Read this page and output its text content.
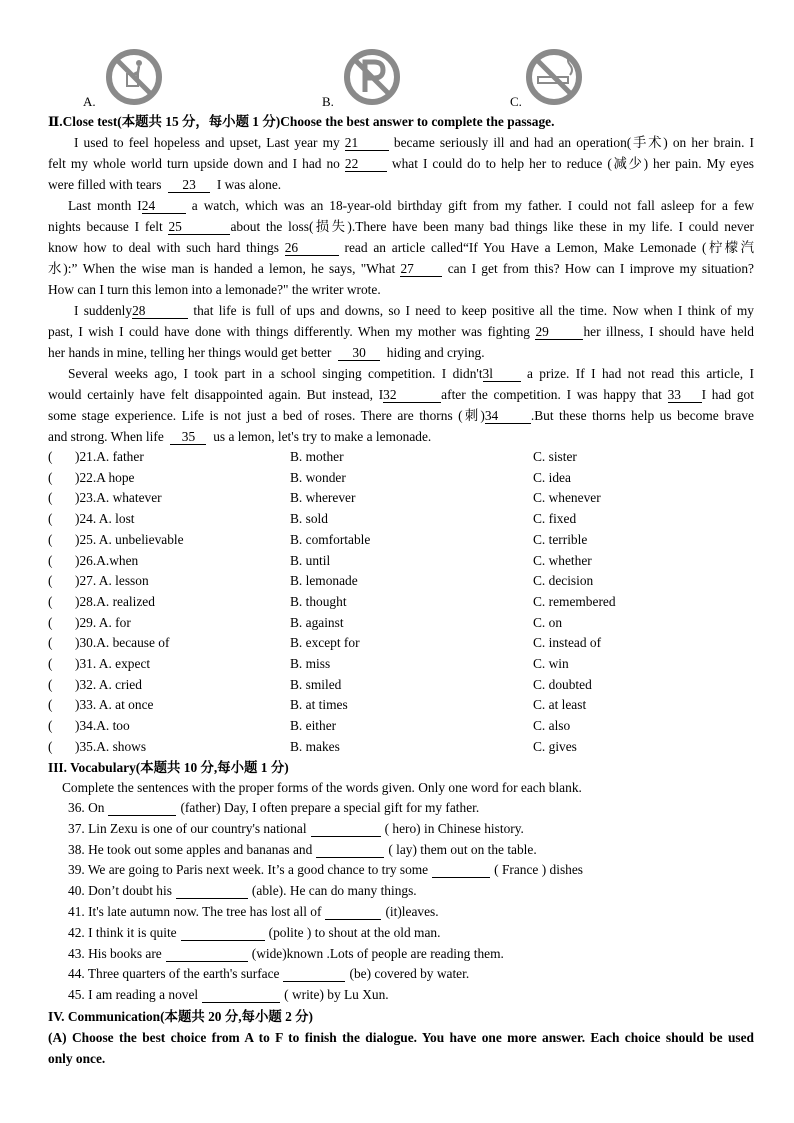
A.	B.	C.
Ⅱ.Close test(本题共 15 分，每小题 1 分)Choose the best answer to complete the passage.
I used to feel hopeless and upset, Last year my 21	became seriously ill and had an operation(手术) on her brain. I
felt my whole world turn upside down and I had no 22	what I could do to help her to reduce (减少) her pain. My eyes
were filled with tears 23 I was alone.
Last month I24	a watch, which was an 18-year-old birthday gift from my father. I could not fall asleep for a few
nights because I felt 25	about the loss(损失).There have been many bad things like these in my life. I could never
know how to deal with such hard things 26	read an article called“If You Have a Lemon, Make Lemonade (柠檬汽
水):” When the wise man is handed a lemon, he says, "What 27	can I get from this? How can I improve my situation?
How can I turn this lemon into a lemonade?" the writer wrote.
I suddenly28	that life is full of ups and downs, so I need to keep positive all the time. Now when I think of my
past, I wish I could have done with things differently. When my mother was fighting 29	her illness, I should have held
her hands in mine, telling her things would get better 30 hiding and crying.
Several weeks ago, I took part in a school singing competition. I didn't3l	a prize. If I had not read this article, I
would certainly have felt disappointed again. But instead, I32	after the competition. I was happy that 33 I had got
some stage experience. Life is not just a bed of roses. There are thorns (刺)34 .But these thorns help us become brave
and strong. When life 35 us a lemon, let's try to make a lemonade.
( )21.A. father	B. mother	C. sister
( )22.A hope	B. wonder	C. idea
( )23.A. whatever	B. wherever	C. whenever
( )24. A. lost	B. sold	C. fixed
( )25. A. unbelievable	B. comfortable	C. terrible
( )26.A.when	B. until	C. whether
( )27. A. lesson	B. lemonade	C. decision
( )28.A. realized	B. thought	C. remembered
( )29. A. for	B. against	C. on
( )30.A. because of	B. except for	C. instead of
( )31. A. expect	B. miss	C. win
( )32. A. cried	B. smiled	C. doubted
( )33. A. at once	B. at times	C. at least
( )34.A. too	B. either	C. also
( )35.A. shows	B. makes	C. gives
III. Vocabulary(本题共 10 分,每小题 1 分)
Complete the sentences with the proper forms of the words given. Only one word for each blank.
36. On	(father) Day, I often prepare a special gift for my father.
37. Lin Zexu is one of our country's national	( hero) in Chinese history.
38. He took out some apples and bananas and	( lay) them out on the table.
39. We are going to Paris next week. It’s a good chance to try some	( France ) dishes
40. Don’t doubt his	(able). He can do many things.
41. It's late autumn now. The tree has lost all of	(it)leaves.
42. I think it is quite	(polite ) to shout at the old man.
43. His books are	(wide)known .Lots of people are reading them.
44. Three quarters of the earth's surface	(be) covered by water.
45. I am reading a novel	( write) by Lu Xun.
IV. Communication(本题共 20 分,每小题 2 分)
(A) Choose the best choice from A to F to finish the dialogue. You have one more answer. Each choice should be used
only once.
